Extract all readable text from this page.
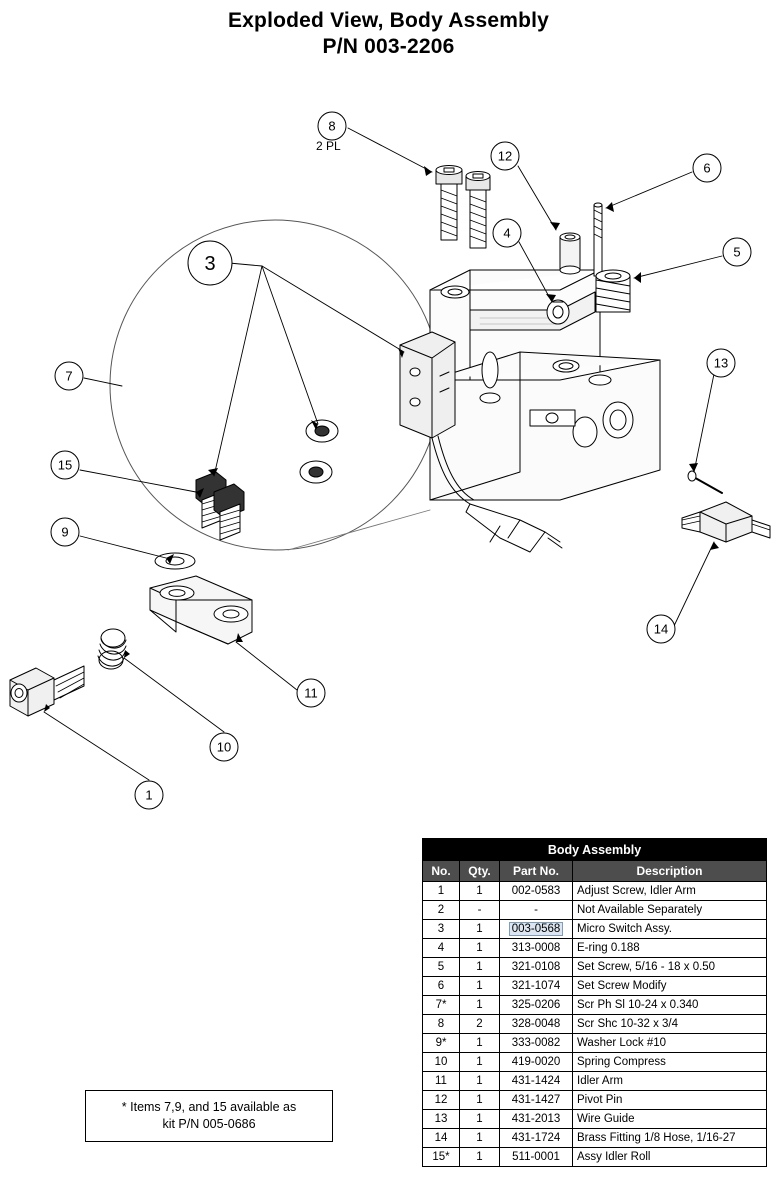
Exploded View, Body Assembly
P/N 003-2206
8
2 PL
12
6
4
5
3
13
7
15
9
14
11
10
1
Body Assembly			
No.	Qty.	Part No.	Description
1	1	002-0583	Adjust Screw, Idler Arm
2	-	-	Not Available Separately
3	1	003-0568	Micro Switch Assy.
4	1	313-0008	E-ring 0.188
5	1	321-0108	Set Screw, 5/16 - 18 x 0.50
6	1	321-1074	Set Screw Modify
7*	1	325-0206	Scr Ph Sl 10-24 x 0.340
8	2	328-0048	Scr Shc 10-32 x 3/4
9*	1	333-0082	Washer Lock #10
10	1	419-0020	Spring Compress
11	1	431-1424	Idler Arm
12	1	431-1427	Pivot Pin
13	1	431-2013	Wire Guide
14	1	431-1724	Brass Fitting 1/8 Hose, 1/16-27
15*	1	511-0001	Assy Idler Roll
* Items 7,9, and 15 available as
kit P/N 005-0686
